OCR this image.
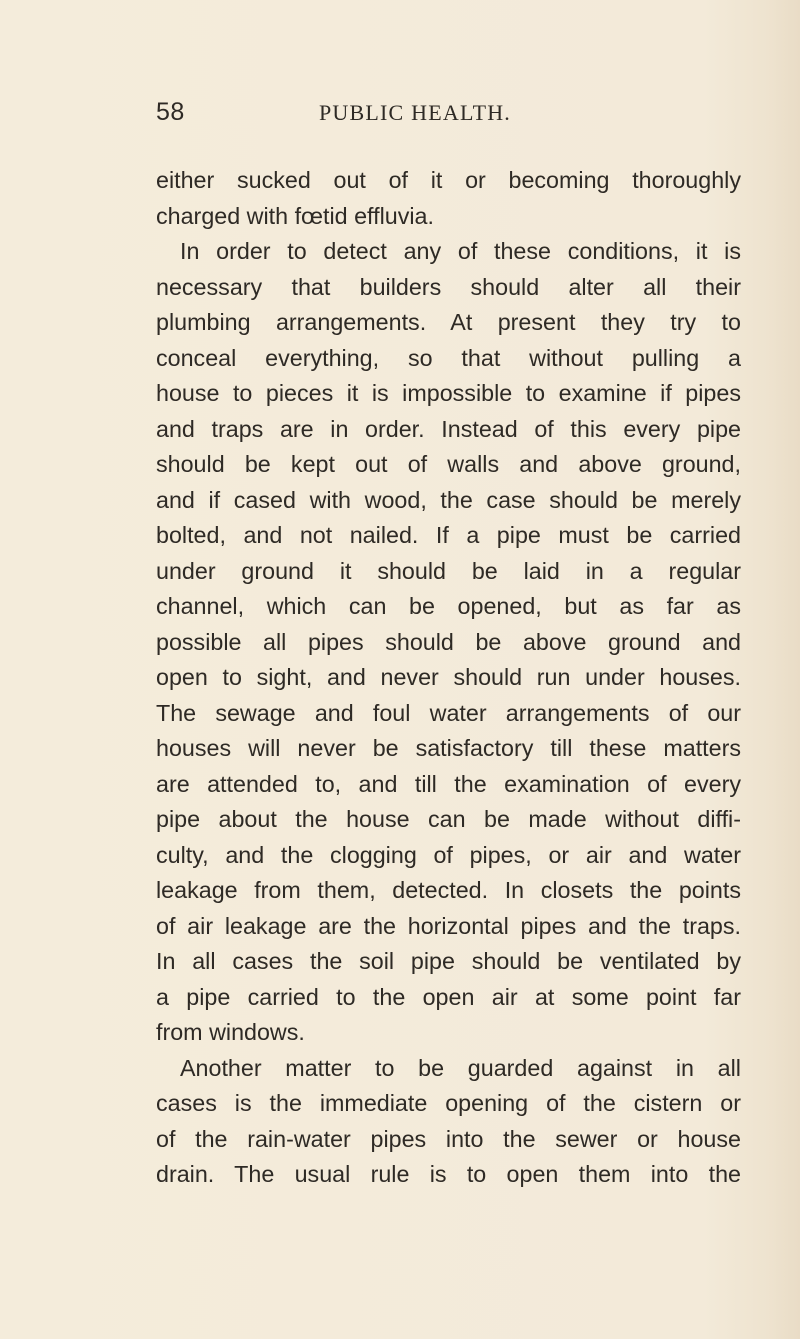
58	PUBLIC HEALTH.
either sucked out of it or becoming thoroughly
charged with fœtid effluvia.
In order to detect any of these conditions, it is
necessary that builders should alter all their
plumbing arrangements. At present they try to
conceal everything, so that without pulling a
house to pieces it is impossible to examine if pipes
and traps are in order. Instead of this every pipe
should be kept out of walls and above ground,
and if cased with wood, the case should be merely
bolted, and not nailed. If a pipe must be carried
under ground it should be laid in a regular
channel, which can be opened, but as far as
possible all pipes should be above ground and
open to sight, and never should run under houses.
The sewage and foul water arrangements of our
houses will never be satisfactory till these matters
are attended to, and till the examination of every
pipe about the house can be made without diffi-
culty, and the clogging of pipes, or air and water
leakage from them, detected. In closets the points
of air leakage are the horizontal pipes and the traps.
In all cases the soil pipe should be ventilated by
a pipe carried to the open air at some point far
from windows.
Another matter to be guarded against in all
cases is the immediate opening of the cistern or
of the rain-water pipes into the sewer or house
drain. The usual rule is to open them into the
